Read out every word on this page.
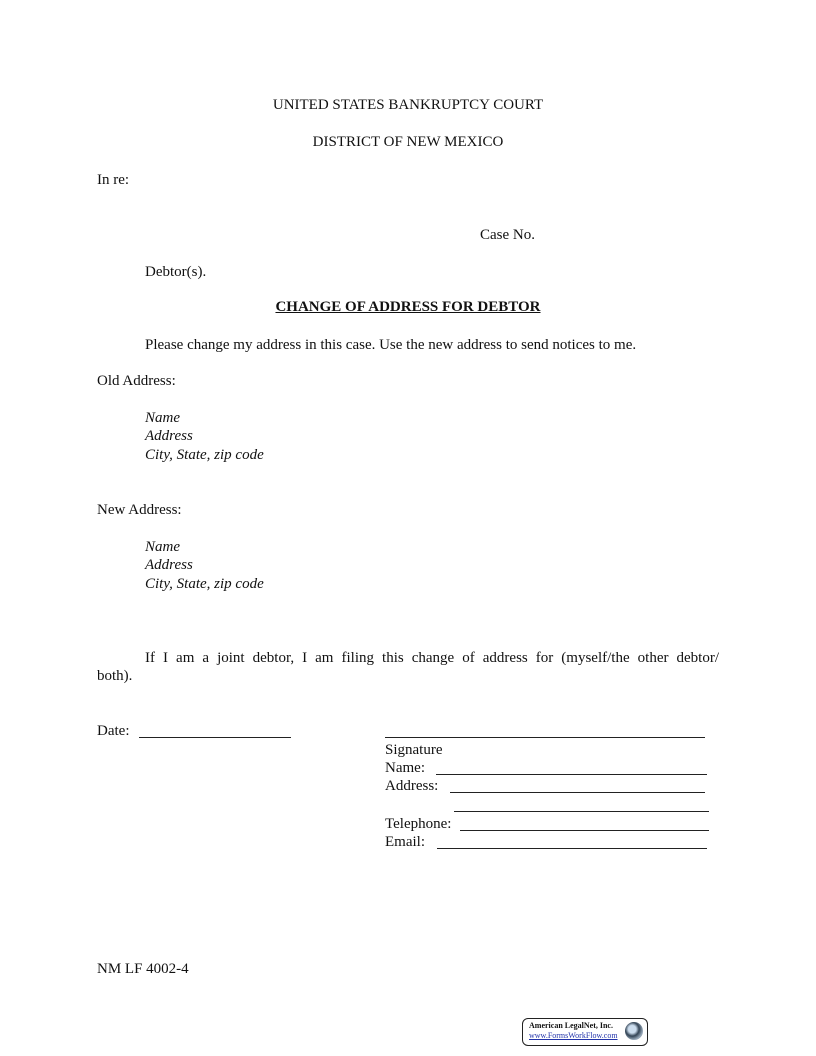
UNITED STATES BANKRUPTCY COURT
DISTRICT OF NEW MEXICO
In re:
Case No.
Debtor(s).
CHANGE OF ADDRESS FOR DEBTOR
Please change my address in this case. Use the new address to send notices to me.
Old Address:
Name
Address
City, State, zip code
New Address:
Name
Address
City, State, zip code
If I am a joint debtor, I am filing this change of address for (myself/the other debtor/
both).
Date:
Signature
Name:
Address:
Telephone:
Email:
NM LF 4002-4
American LegalNet, Inc.
www.FormsWorkFlow.com
